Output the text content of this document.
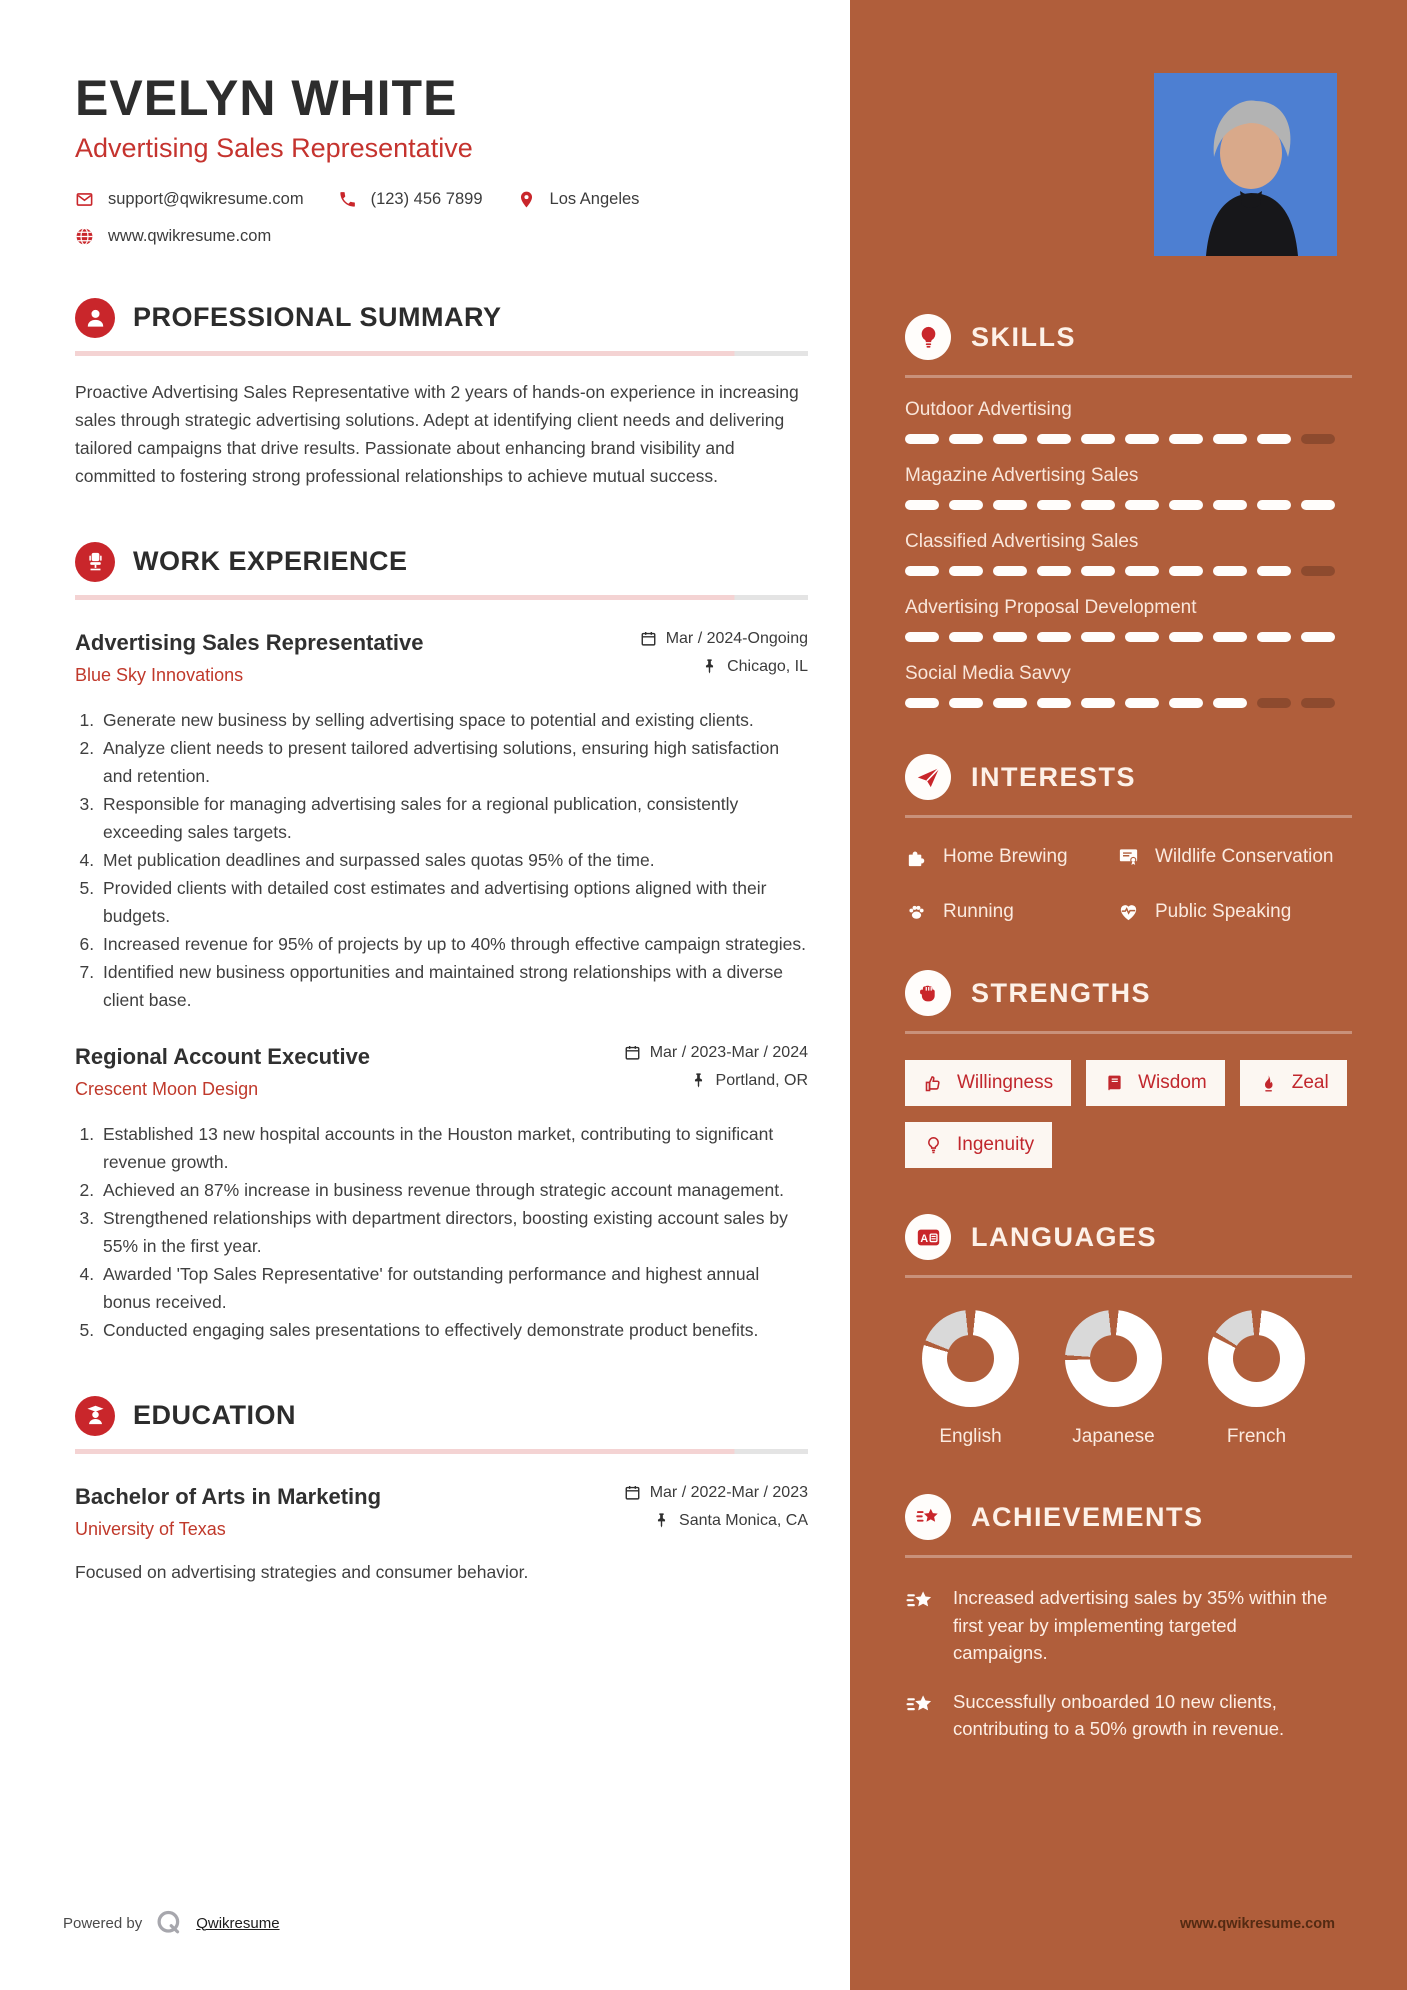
EVELYN WHITE
Advertising Sales Representative
support@qwikresume.com	(123) 456 7899	Los Angeles
www.qwikresume.com
PROFESSIONAL SUMMARY
Proactive Advertising Sales Representative with 2 years of hands-on experience in increasing sales through strategic advertising solutions. Adept at identifying client needs and delivering tailored campaigns that drive results. Passionate about enhancing brand visibility and committed to fostering strong professional relationships to achieve mutual success.
WORK EXPERIENCE
Advertising Sales Representative
Blue Sky Innovations
Mar / 2024-Ongoing
Chicago, IL
1. Generate new business by selling advertising space to potential and existing clients.
2. Analyze client needs to present tailored advertising solutions, ensuring high satisfaction and retention.
3. Responsible for managing advertising sales for a regional publication, consistently exceeding sales targets.
4. Met publication deadlines and surpassed sales quotas 95% of the time.
5. Provided clients with detailed cost estimates and advertising options aligned with their budgets.
6. Increased revenue for 95% of projects by up to 40% through effective campaign strategies.
7. Identified new business opportunities and maintained strong relationships with a diverse client base.
Regional Account Executive
Crescent Moon Design
Mar / 2023-Mar / 2024
Portland, OR
1. Established 13 new hospital accounts in the Houston market, contributing to significant revenue growth.
2. Achieved an 87% increase in business revenue through strategic account management.
3. Strengthened relationships with department directors, boosting existing account sales by 55% in the first year.
4. Awarded 'Top Sales Representative' for outstanding performance and highest annual bonus received.
5. Conducted engaging sales presentations to effectively demonstrate product benefits.
EDUCATION
Bachelor of Arts in Marketing
University of Texas
Mar / 2022-Mar / 2023
Santa Monica, CA
Focused on advertising strategies and consumer behavior.
Powered by	Qwikresume
SKILLS
Outdoor Advertising
Magazine Advertising Sales
Classified Advertising Sales
Advertising Proposal Development
Social Media Savvy
INTERESTS
Home Brewing	Wildlife Conservation
Running	Public Speaking
STRENGTHS
Willingness	Wisdom	Zeal
Ingenuity
A LANGUAGES
English	Japanese	French
ACHIEVEMENTS
Increased advertising sales by 35% within the first year by implementing targeted campaigns.
Successfully onboarded 10 new clients, contributing to a 50% growth in revenue.
www.qwikresume.com
